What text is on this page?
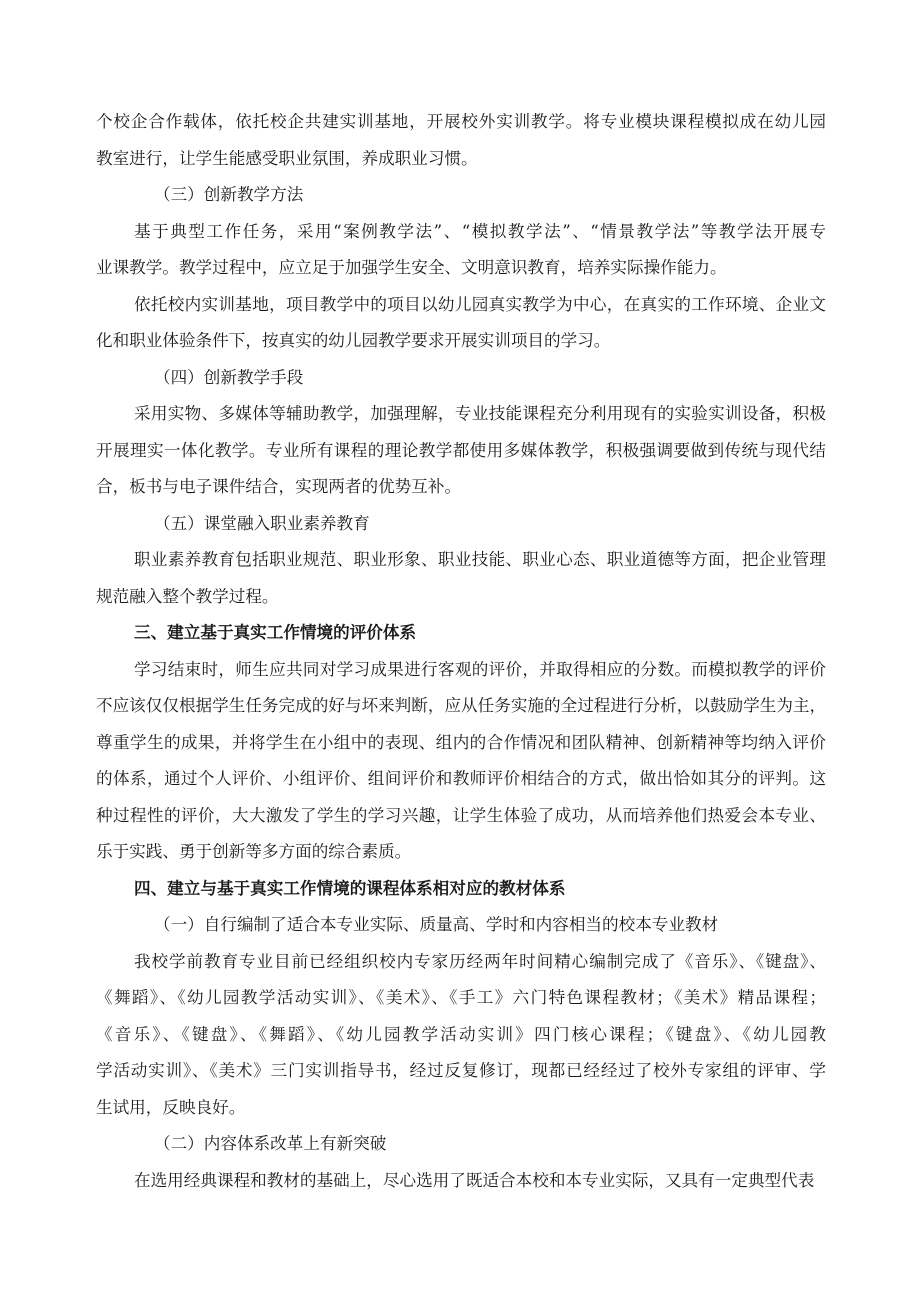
个校企合作载体，依托校企共建实训基地，开展校外实训教学。将专业模块课程模拟成在幼儿园
教室进行，让学生能感受职业氛围，养成职业习惯。
（三）创新教学方法
基于典型工作任务，采用“案例教学法”、“模拟教学法”、“情景教学法”等教学法开展专
业课教学。教学过程中，应立足于加强学生安全、文明意识教育，培养实际操作能力。
依托校内实训基地，项目教学中的项目以幼儿园真实教学为中心，在真实的工作环境、企业文
化和职业体验条件下，按真实的幼儿园教学要求开展实训项目的学习。
（四）创新教学手段
采用实物、多媒体等辅助教学，加强理解，专业技能课程充分利用现有的实验实训设备，积极
开展理实一体化教学。专业所有课程的理论教学都使用多媒体教学，积极强调要做到传统与现代结
合，板书与电子课件结合，实现两者的优势互补。
（五）课堂融入职业素养教育
职业素养教育包括职业规范、职业形象、职业技能、职业心态、职业道德等方面，把企业管理
规范融入整个教学过程。
三、建立基于真实工作情境的评价体系
学习结束时，师生应共同对学习成果进行客观的评价，并取得相应的分数。而模拟教学的评价
不应该仅仅根据学生任务完成的好与坏来判断，应从任务实施的全过程进行分析，以鼓励学生为主，
尊重学生的成果，并将学生在小组中的表现、组内的合作情况和团队精神、创新精神等均纳入评价
的体系，通过个人评价、小组评价、组间评价和教师评价相结合的方式，做出恰如其分的评判。这
种过程性的评价，大大激发了学生的学习兴趣，让学生体验了成功，从而培养他们热爱会本专业、
乐于实践、勇于创新等多方面的综合素质。
四、建立与基于真实工作情境的课程体系相对应的教材体系
（一）自行编制了适合本专业实际、质量高、学时和内容相当的校本专业教材
我校学前教育专业目前已经组织校内专家历经两年时间精心编制完成了《音乐》、《键盘》、
《舞蹈》、《幼儿园教学活动实训》、《美术》、《手工》六门特色课程教材；《美术》精品课程；
《音乐》、《键盘》、《舞蹈》、《幼儿园教学活动实训》四门核心课程；《键盘》、《幼儿园教
学活动实训》、《美术》三门实训指导书，经过反复修订，现都已经经过了校外专家组的评审、学
生试用，反映良好。
（二）内容体系改革上有新突破
在选用经典课程和教材的基础上，尽心选用了既适合本校和本专业实际，又具有一定典型代表
